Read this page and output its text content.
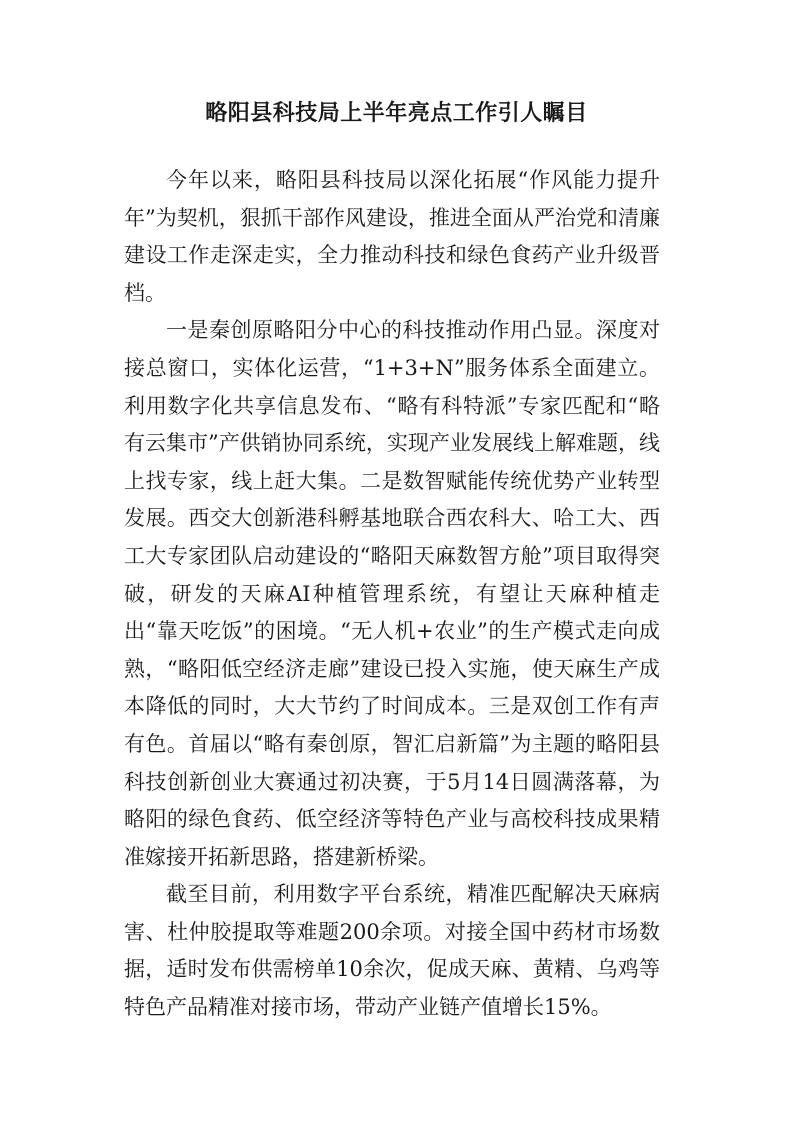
略阳县科技局上半年亮点工作引人瞩目

今年以来，略阳县科技局以深化拓展“作风能力提升年”为契机，狠抓干部作风建设，推进全面从严治党和清廉建设工作走深走实，全力推动科技和绿色食药产业升级晋档。

一是秦创原略阳分中心的科技推动作用凸显。深度对接总窗口，实体化运营，“1+3+N”服务体系全面建立。利用数字化共享信息发布、“略有科特派”专家匹配和“略有云集市”产供销协同系统，实现产业发展线上解难题，线上找专家，线上赶大集。二是数智赋能传统优势产业转型发展。西交大创新港科孵基地联合西农科大、哈工大、西工大专家团队启动建设的“略阳天麻数智方舱”项目取得突破，研发的天麻AI种植管理系统，有望让天麻种植走出“靠天吃饭”的困境。“无人机+农业”的生产模式走向成熟，“略阳低空经济走廊”建设已投入实施，使天麻生产成本降低的同时，大大节约了时间成本。三是双创工作有声有色。首届以“略有秦创原，智汇启新篇”为主题的略阳县科技创新创业大赛通过初决赛，于5月14日圆满落幕，为略阳的绿色食药、低空经济等特色产业与高校科技成果精准嫁接开拓新思路，搭建新桥梁。

截至目前，利用数字平台系统，精准匹配解决天麻病害、杜仲胶提取等难题200余项。对接全国中药材市场数据，适时发布供需榜单10余次，促成天麻、黄精、乌鸡等特色产品精准对接市场，带动产业链产值增长15%。
